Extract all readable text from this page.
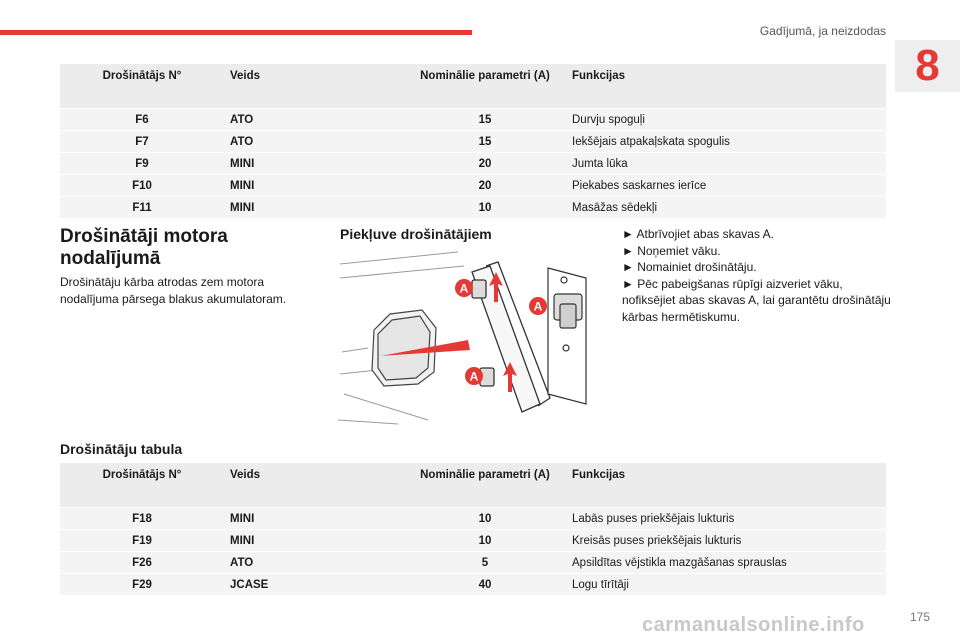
Gadījumā, ja neizdodas
8
Drošinātājs N°	Veids	Nominālie parametri (A)	Funkcijas
F6	ATO	15	Durvju spoguļi
F7	ATO	15	Iekšējais atpakaļskata spogulis
F9	MINI	20	Jumta lūka
F10	MINI	20	Piekabes saskarnes ierīce
F11	MINI	10	Masāžas sēdekļi
Drošinātāji motora nodalījumā
Drošinātāju kārba atrodas zem motora nodalījuma pārsega blakus akumulatoram.
Piekļuve drošinātājiem
A
A
A
► Atbrīvojiet abas skavas A.
► Noņemiet vāku.
► Nomainiet drošinātāju.
► Pēc pabeigšanas rūpīgi aizveriet vāku, nofiksējiet abas skavas A, lai garantētu drošinātāju kārbas hermētiskumu.
Drošinātāju tabula
Drošinātājs N°	Veids	Nominālie parametri (A)	Funkcijas
F18	MINI	10	Labās puses priekšējais lukturis
F19	MINI	10	Kreisās puses priekšējais lukturis
F26	ATO	5	Apsildītas vējstikla mazgāšanas sprauslas
F29	JCASE	40	Logu tīrītāji
carmanualsonline.info	175
